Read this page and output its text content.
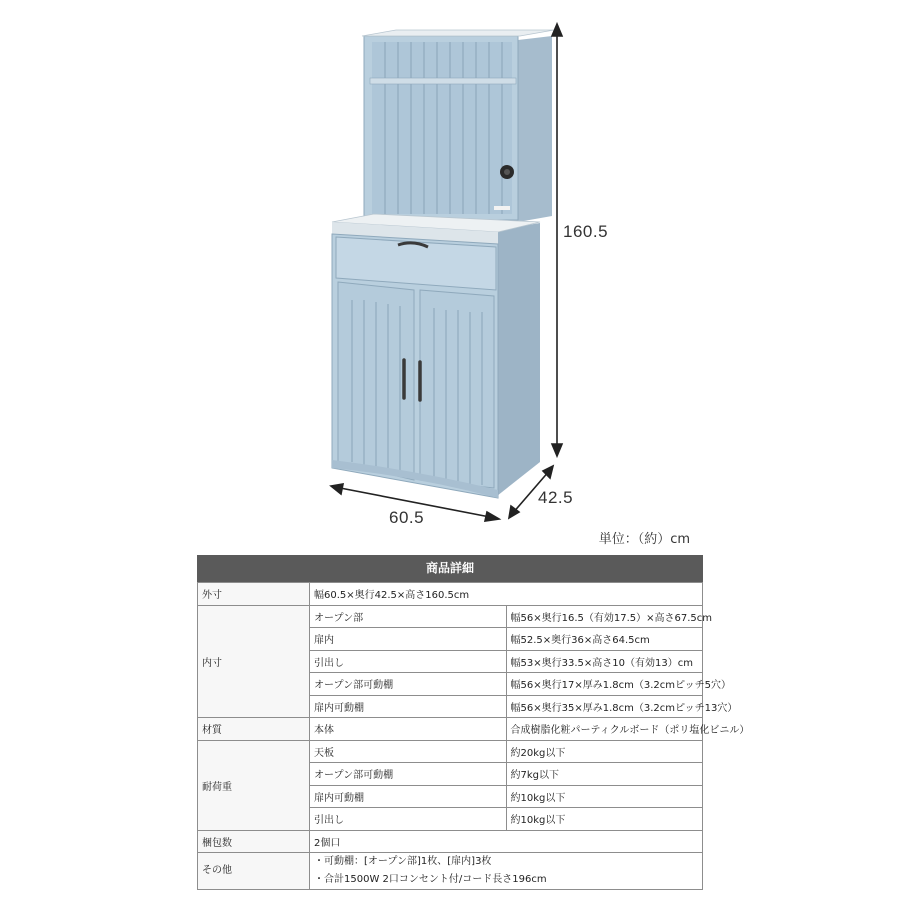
160.5
60.5
42.5
単位：（約）cm
商品詳細
外寸	幅60.5×奥行42.5×高さ160.5cm	
内寸	オープン部	幅56×奥行16.5（有効17.5）×高さ67.5cm
	扉内	幅52.5×奥行36×高さ64.5cm
	引出し	幅53×奥行33.5×高さ10（有効13）cm
	オープン部可動棚	幅56×奥行17×厚み1.8cm（3.2cmピッチ5穴）
	扉内可動棚	幅56×奥行35×厚み1.8cm（3.2cmピッチ13穴）
材質	本体	合成樹脂化粧パーティクルボード（ポリ塩化ビニル）
耐荷重	天板	約20kg以下
	オープン部可動棚	約7kg以下
	扉内可動棚	約10kg以下
	引出し	約10kg以下
梱包数	2個口	
その他	・可動棚：[オープン部]1枚、[扉内]3枚
・合計1500W 2口コンセント付/コード長さ196cm	
